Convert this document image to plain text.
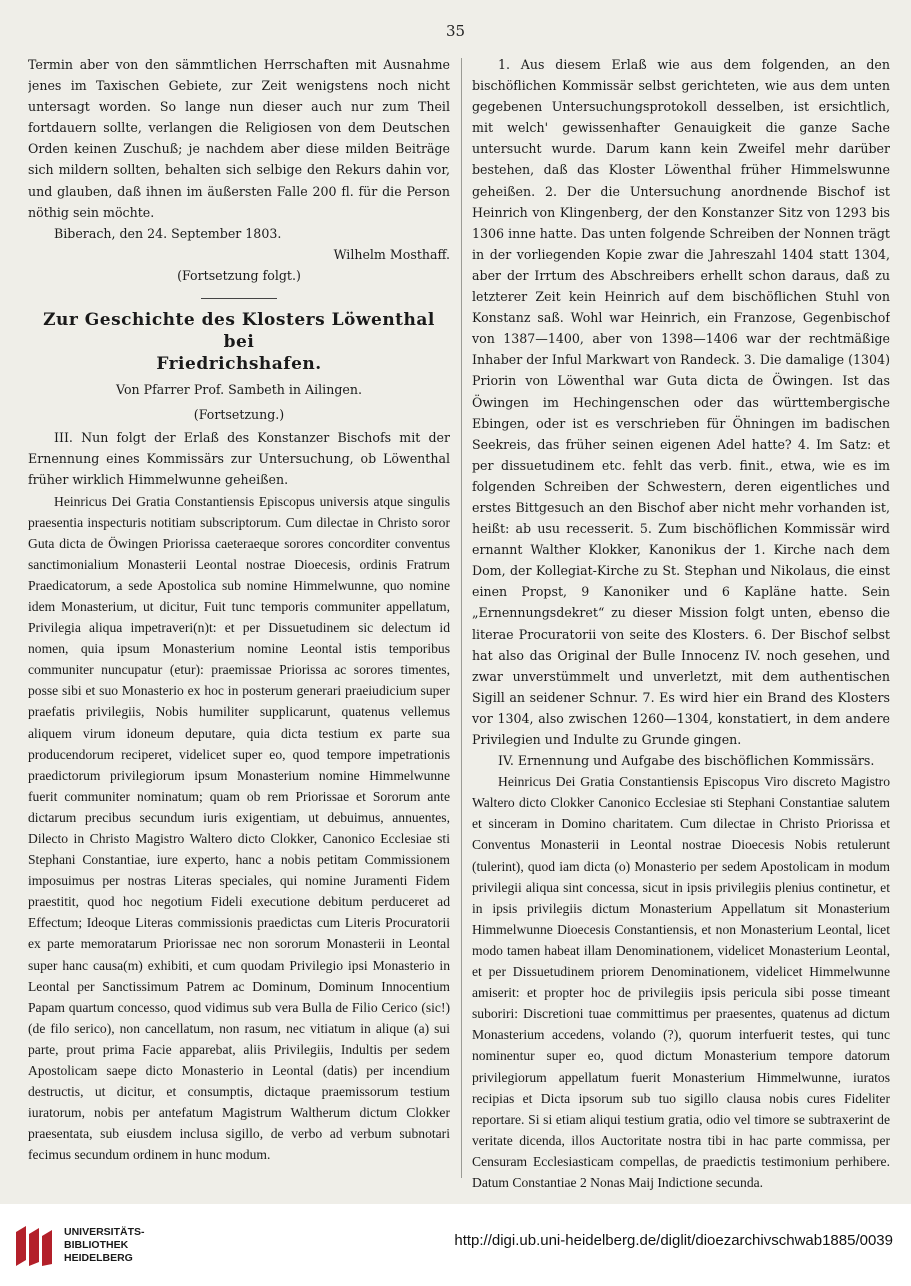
35

Termin aber von den sämmtlichen Herrschaften mit Ausnahme jenes im Taxischen Gebiete, zur Zeit wenigstens noch nicht untersagt worden. So lange nun dieser auch nur zum Theil fortdauern sollte, verlangen die Religiosen von dem Deutschen Orden keinen Zuschuß; je nachdem aber diese milden Beiträge sich mildern sollten, behalten sich selbige den Rekurs dahin vor, und glauben, daß ihnen im äußersten Falle 200 fl. für die Person nöthig sein möchte.

Biberach, den 24. September 1803.

Wilhelm Mosthaff.

(Fortsetzung folgt.)

Zur Geschichte des Klosters Löwenthal bei
Friedrichshafen.
Von Pfarrer Prof. Sambeth in Ailingen.
(Fortsetzung.)

III. Nun folgt der Erlaß des Konstanzer Bischofs mit der Ernennung eines Kommissärs zur Untersuchung, ob Löwenthal früher wirklich Himmelwunne geheißen.

Heinricus Dei Gratia Constantiensis Episcopus universis atque singulis praesentia inspecturis notitiam subscriptorum. Cum dilectae in Christo soror Guta dicta de Öwingen Priorissa caeteraeque sorores concorditer conventus sanctimonialium Monasterii Leontal nostrae Dioecesis, ordinis Fratrum Praedicatorum, a sede Apostolica sub nomine Himmelwunne, quo nomine idem Monasterium, ut dicitur, Fuit tunc temporis communiter appellatum, Privilegia aliqua impetraveri(n)t: et per Dissuetudinem sic delectum id nomen, quia ipsum Monasterium nomine Leontal istis temporibus communiter nuncupatur (etur): praemissae Priorissa ac sorores timentes, posse sibi et suo Monasterio ex hoc in posterum generari praeiudicium super praefatis privilegiis, Nobis humiliter supplicarunt, quatenus vellemus aliquem virum idoneum deputare, quia dicta testium ex parte sua producendorum reciperet, videlicet super eo, quod tempore impetrationis praedictorum privilegiorum ipsum Monasterium nomine Himmelwunne fuerit communiter nominatum; quam ob rem Priorissae et Sororum ante dictarum precibus secundum iuris exigentiam, ut debuimus, annuentes, Dilecto in Christo Magistro Waltero dicto Clokker, Canonico Ecclesiae sti Stephani Constantiae, iure experto, hanc a nobis petitam Commissionem imposuimus per nostras Literas speciales, qui nomine Juramenti Fidem praestitit, quod hoc negotium Fideli executione debitum perduceret ad Effectum; Ideoque Literas commissionis praedictas cum Literis Procuratorii ex parte memoratarum Priorissae nec non sororum Monasterii in Leontal super hanc causa(m) exhibiti, et cum quodam Privilegio ipsi Monasterio in Leontal per Sanctissimum Patrem ac Dominum, Dominum Innocentium Papam quartum concesso, quod vidimus sub vera Bulla de Filio Cerico (sic!) (de filo serico), non cancellatum, non rasum, nec vitiatum in alique (a) sui parte, prout prima Facie apparebat, aliis Privilegiis, Indultis per sedem Apostolicam saepe dicto Monasterio in Leontal (datis) per incendium destructis, ut dicitur, et consumptis, dictaque praemissorum testium iuratorum, nobis per antefatum Magistrum Waltherum dictum Clokker praesentata, sub eiusdem inclusa sigillo, de verbo ad verbum subnotari fecimus secundum ordinem in hunc modum.

1. Aus diesem Erlaß wie aus dem folgenden, an den bischöflichen Kommissär selbst gerichteten, wie aus dem unten gegebenen Untersuchungsprotokoll desselben, ist ersichtlich, mit welch' gewissenhafter Genauigkeit die ganze Sache untersucht wurde. Darum kann kein Zweifel mehr darüber bestehen, daß das Kloster Löwenthal früher Himmelswunne geheißen. 2. Der die Untersuchung anordnende Bischof ist Heinrich von Klingenberg, der den Konstanzer Sitz von 1293 bis 1306 inne hatte. Das unten folgende Schreiben der Nonnen trägt in der vorliegenden Kopie zwar die Jahreszahl 1404 statt 1304, aber der Irrtum des Abschreibers erhellt schon daraus, daß zu letzterer Zeit kein Heinrich auf dem bischöflichen Stuhl von Konstanz saß. Wohl war Heinrich, ein Franzose, Gegenbischof von 1387—1400, aber von 1398—1406 war der rechtmäßige Inhaber der Inful Markwart von Randeck. 3. Die damalige (1304) Priorin von Löwenthal war Guta dicta de Öwingen. Ist das Öwingen im Hechingenschen oder das württembergische Ebingen, oder ist es verschrieben für Öhningen im badischen Seekreis, das früher seinen eigenen Adel hatte? 4. Im Satz: et per dissuetudinem etc. fehlt das verb. finit., etwa, wie es im folgenden Schreiben der Schwestern, deren eigentliches und erstes Bittgesuch an den Bischof aber nicht mehr vorhanden ist, heißt: ab usu recesserit. 5. Zum bischöflichen Kommissär wird ernannt Walther Klokker, Kanonikus der 1. Kirche nach dem Dom, der Kollegiat-Kirche zu St. Stephan und Nikolaus, die einst einen Propst, 9 Kanoniker und 6 Kapläne hatte. Sein „Ernennungsdekret“ zu dieser Mission folgt unten, ebenso die literae Procuratorii von seite des Klosters. 6. Der Bischof selbst hat also das Original der Bulle Innocenz IV. noch gesehen, und zwar unverstümmelt und unverletzt, mit dem authentischen Sigill an seidener Schnur. 7. Es wird hier ein Brand des Klosters vor 1304, also zwischen 1260—1304, konstatiert, in dem andere Privilegien und Indulte zu Grunde gingen.

IV. Ernennung und Aufgabe des bischöflichen Kommissärs.

Heinricus Dei Gratia Constantiensis Episcopus Viro discreto Magistro Waltero dicto Clokker Canonico Ecclesiae sti Stephani Constantiae salutem et sinceram in Domino charitatem. Cum dilectae in Christo Priorissa et Conventus Monasterii in Leontal nostrae Dioecesis Nobis retulerunt (tulerint), quod iam dicta (o) Monasterio per sedem Apostolicam in modum privilegii aliqua sint concessa, sicut in ipsis privilegiis plenius continetur, et in ipsis privilegiis dictum Monasterium Appellatum sit Monasterium Himmelwunne Dioecesis Constantiensis, et non Monasterium Leontal, licet modo tamen habeat illam Denominationem, videlicet Monasterium Leontal, et per Dissuetudinem priorem Denominationem, videlicet Himmelwunne amiserit: et propter hoc de privilegiis ipsis pericula sibi posse timeant suboriri: Discretioni tuae committimus per praesentes, quatenus ad dictum Monasterium accedens, volando (?), quorum interfuerit testes, qui tunc nominentur super eo, quod dictum Monasterium tempore datorum privilegiorum appellatum fuerit Monasterium Himmelwunne, iuratos recipias et Dicta ipsorum sub tuo sigillo clausa nobis cures Fideliter reportare. Si si etiam aliqui testium gratia, odio vel timore se subtraxerint de veritate dicenda, illos Auctoritate nostra tibi in hac parte commissa, per Censuram Ecclesiasticam compellas, de praedictis testimonium perhibere. Datum Constantiae 2 Nonas Maij Indictione secunda.

UNIVERSITÄTS-
BIBLIOTHEK
HEIDELBERG
http://digi.ub.uni-heidelberg.de/diglit/dioezarchivschwab1885/0039
